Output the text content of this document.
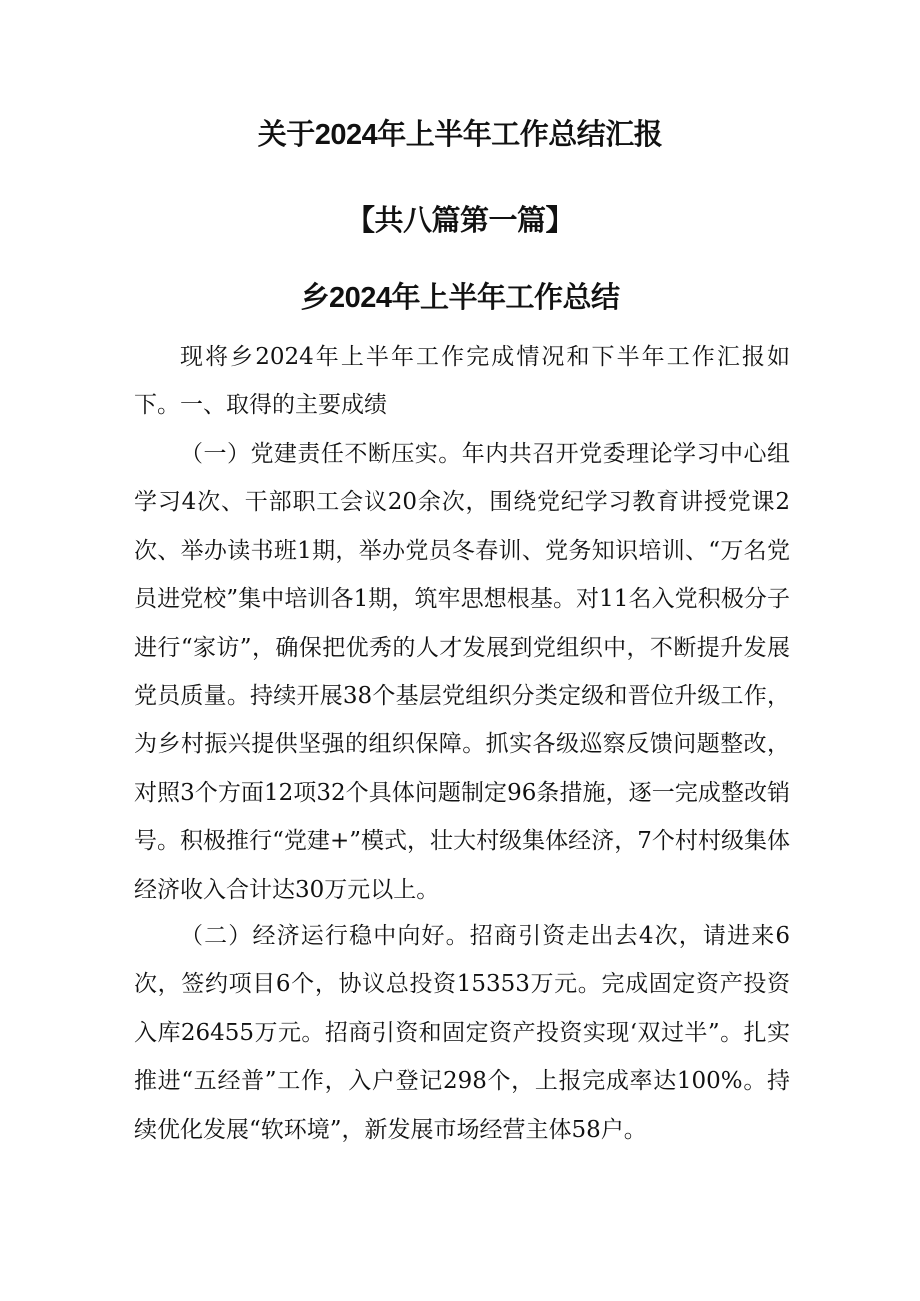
关于2024年上半年工作总结汇报
【共八篇第一篇】
乡2024年上半年工作总结

现将乡2024年上半年工作完成情况和下半年工作汇报如下。 一、取得的主要成绩

（一）党建责任不断压实。年内共召开党委理论学习中心组学习4次、干部职工会议20余次，围绕党纪学习教育讲授党课2次、举办读书班1期，举办党员冬春训、党务知识培训、“万名党员进党校”集中培训各1期，筑牢思想根基。对11名入党积极分子进行“家访”，确保把优秀的人才发展到党组织中，不断提升发展党员质量。持续开展38个基层党组织分类定级和晋位升级工作，为乡村振兴提供坚强的组织保障。抓实各级巡察反馈问题整改，对照3个方面12项32个具体问题制定96条措施，逐一完成整改销号。积极推行“党建+”模式，壮大村级集体经济，7个村村级集体经济收入合计达30万元以上。

（二）经济运行稳中向好。招商引资走出去4次，请进来6次，签约项目6个，协议总投资15353万元。完成固定资产投资入库26455万元。招商引资和固定资产投资实现‘双过半”。扎实推进“五经普”工作，入户登记298个，上报完成率达100%。持续优化发展“软环境”，新发展市场经营主体58户。
